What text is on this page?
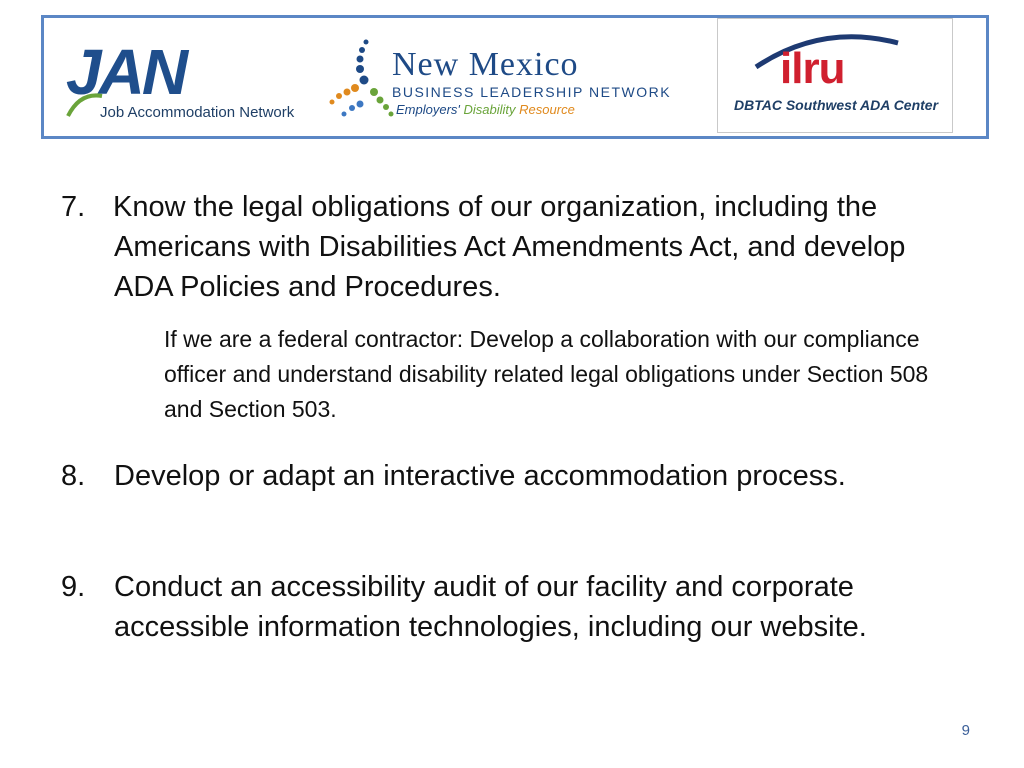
JAN
Job Accommodation Network
New Mexico
BUSINESS LEADERSHIP NETWORK
Employers' Disability Resource
ilru
DBTAC Southwest ADA Center
7. Know the legal obligations of our organization, including the Americans with Disabilities Act Amendments Act, and develop ADA Policies and Procedures.
If we are a federal contractor: Develop a collaboration with our compliance officer and understand disability related legal obligations under Section 508 and Section 503.
8. Develop or adapt an interactive accommodation process.
9. Conduct an accessibility audit of our facility and corporate accessible information technologies, including our website.
9
